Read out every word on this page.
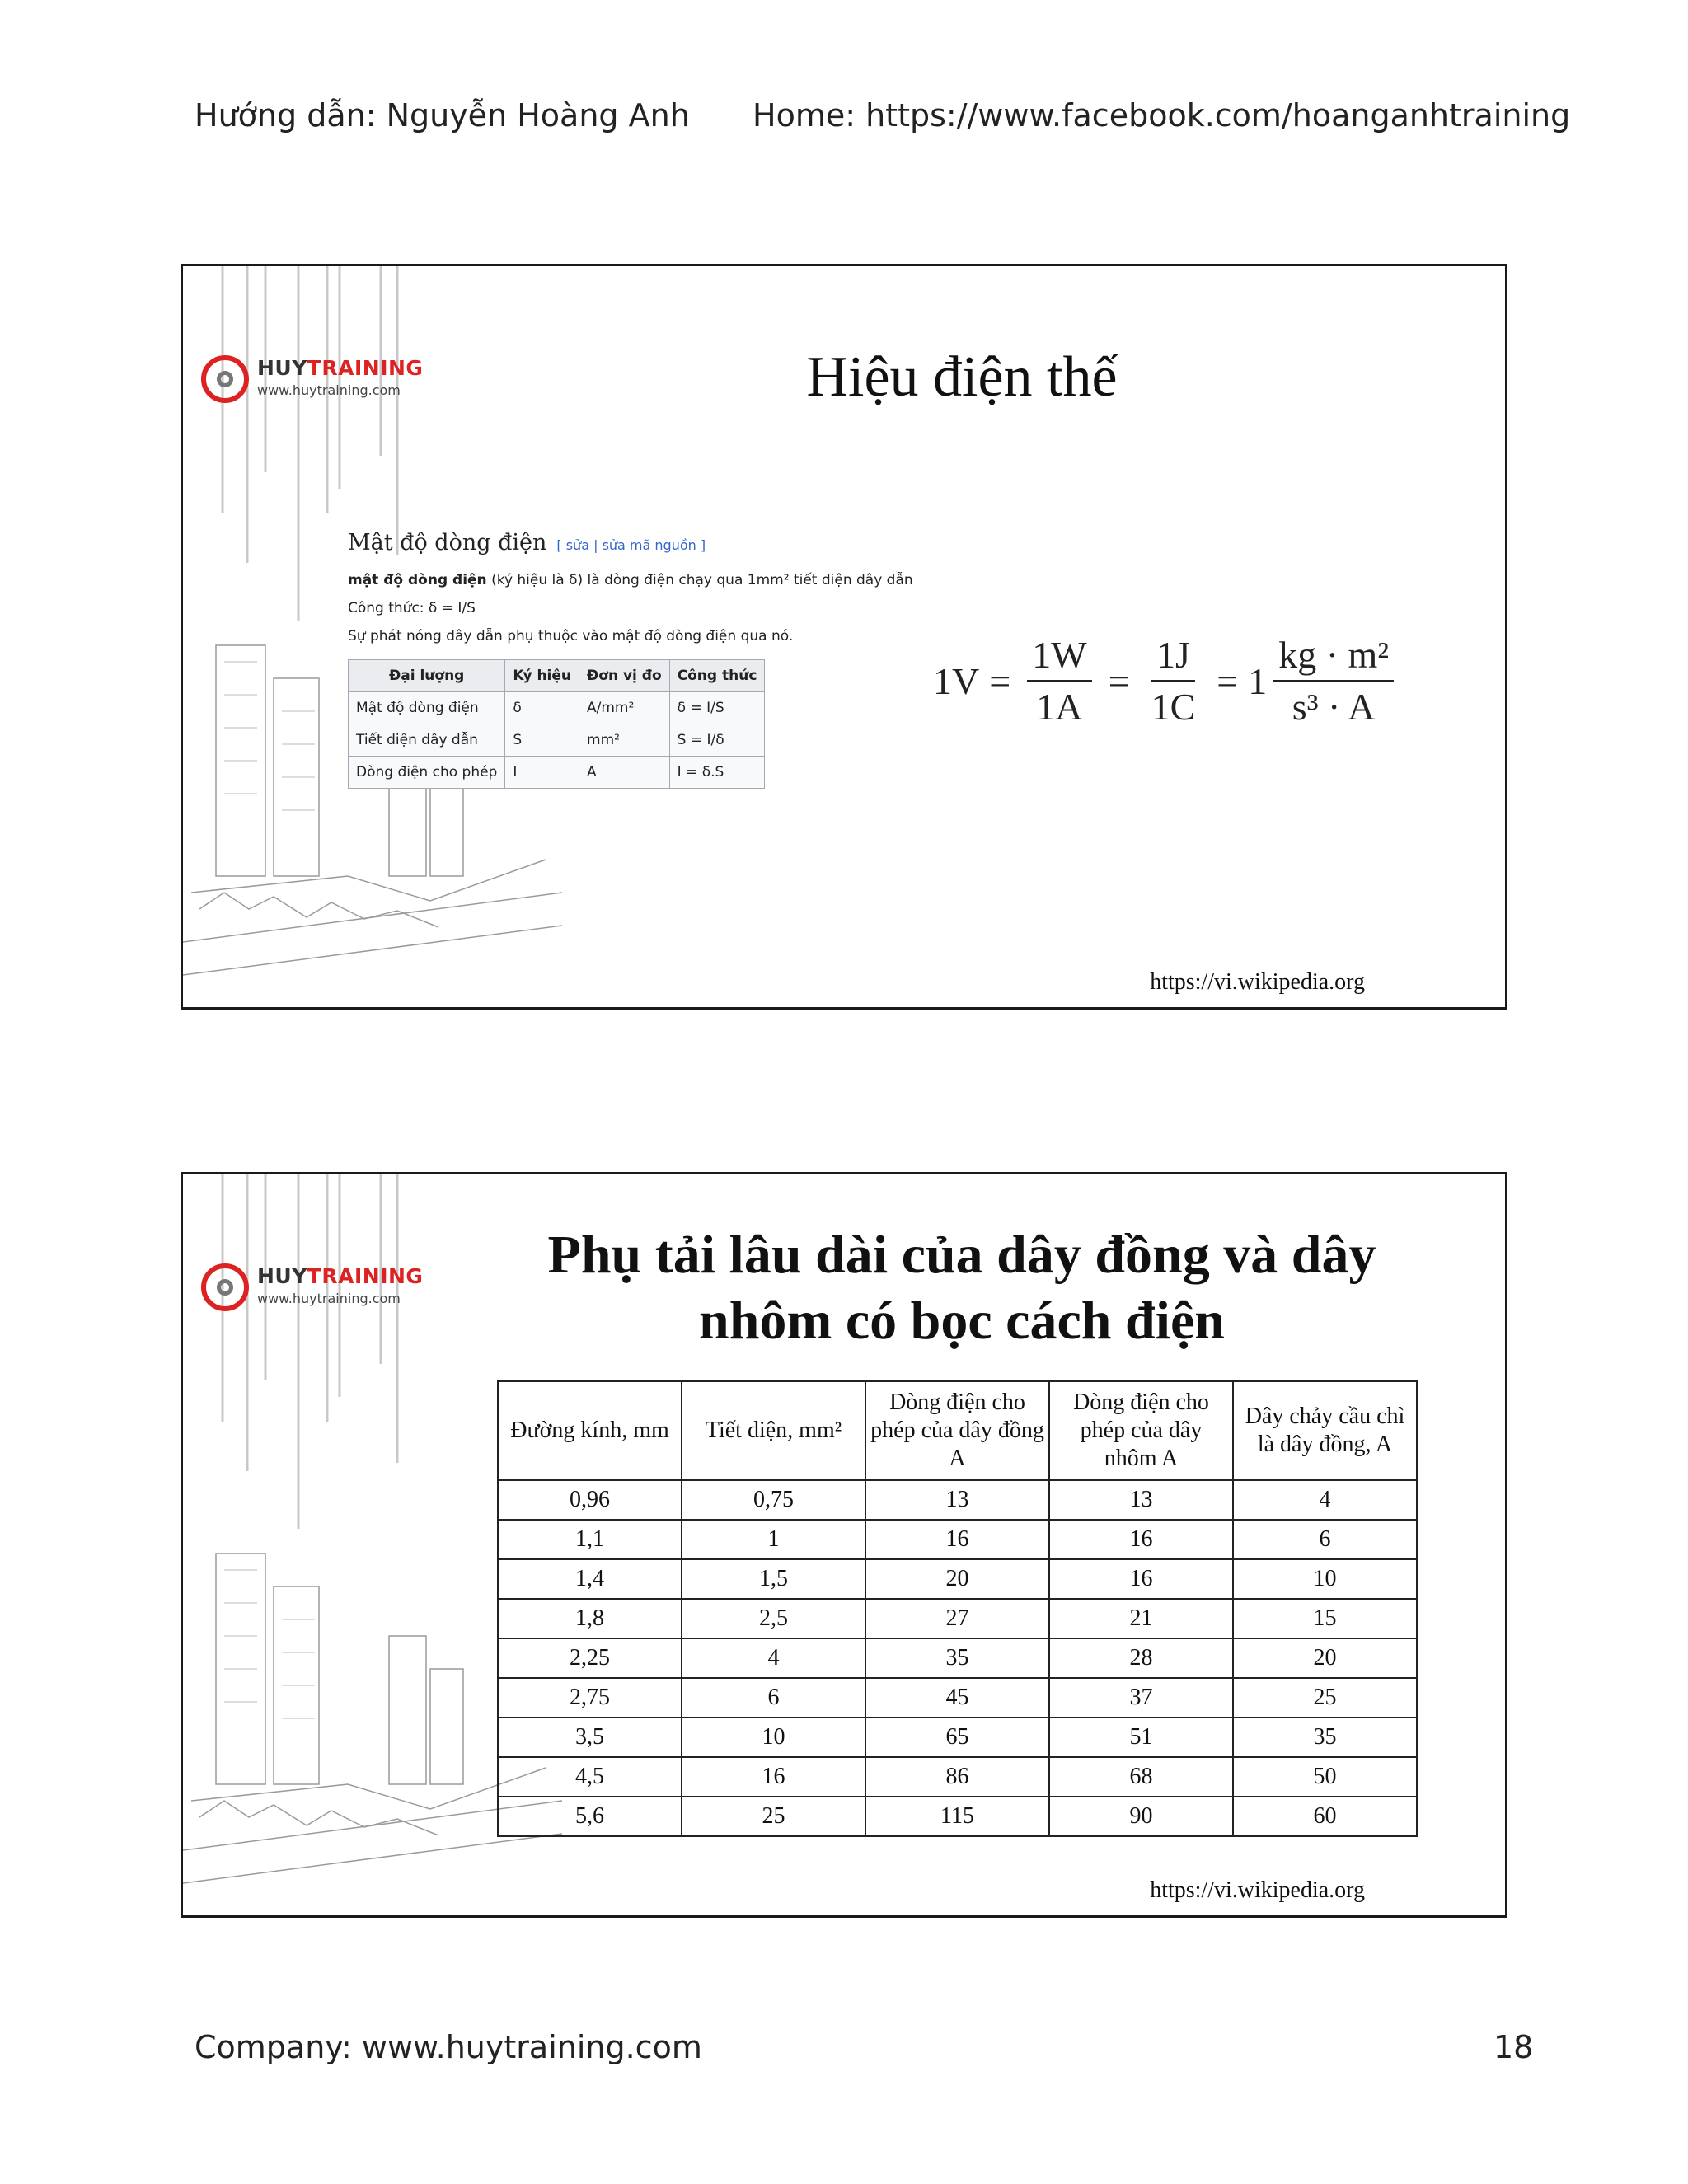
Hướng dẫn: Nguyễn Hoàng Anh Home: https://www.facebook.com/hoanganhtraining
HUYTRAINING
www.huytraining.com	Hiệu điện thế
Mật độ dòng điện [ sửa | sửa mã nguồn ]
mật độ dòng điện (ký hiệu là δ) là dòng điện chạy qua 1mm² tiết diện dây dẫn
Công thức: δ = I/S
Sự phát nóng dây dẫn phụ thuộc vào mật độ dòng điện qua nó.
Đại lượng	Ký hiệu	Đơn vị đo	Công thức
Mật độ dòng điện	δ	A/mm²	δ = I/S
Tiết diện dây dẫn	S	mm²	S = I/δ
Dòng điện cho phép	I	A	I = δ.S
$1V = \frac{1W}{1A} = \frac{1J}{1C} = 1 \frac{\text{kg · m²}}{\text{s³ · A}}$
https://vi.wikipedia.org
HUYTRAINING
www.huytraining.com
Phụ tải lâu dài của dây đồng và dây
nhôm có bọc cách điện
Đường kính, mm	Tiết diện, mm²	Dòng điện cho phép của dây đồng A	Dòng điện cho phép của dây nhôm A	Dây chảy cầu chì là dây đồng, A
0,96	0,75	13	13	4
1,1	1	16	16	6
1,4	1,5	20	16	10
1,8	2,5	27	21	15
2,25	4	35	28	20
2,75	6	45	37	25
3,5	10	65	51	35
4,5	16	86	68	50
5,6	25	115	90	60
https://vi.wikipedia.org
Company: www.huytraining.com	18
